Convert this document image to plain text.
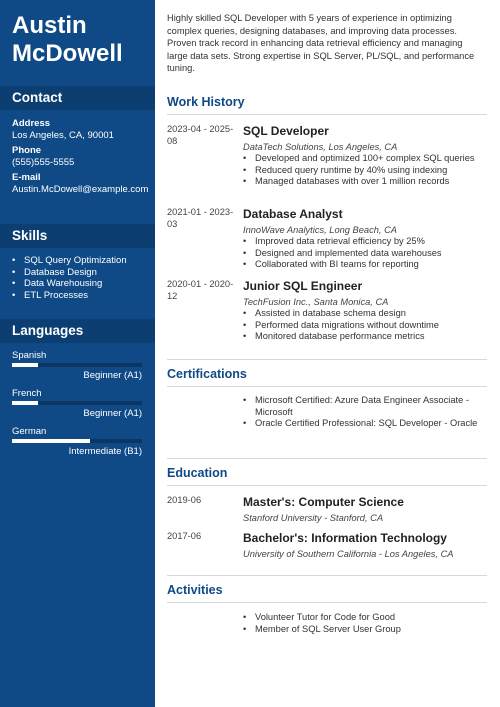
Austin McDowell
Contact
Address
Los Angeles, CA, 90001
Phone
(555)555-5555
E-mail
Austin.McDowell@example.com
Skills
• SQL Query Optimization
• Database Design
• Data Warehousing
• ETL Processes
Languages
Spanish
Beginner (A1)
French
Beginner (A1)
German
Intermediate (B1)
Highly skilled SQL Developer with 5 years of experience in optimizing complex queries, designing databases, and improving data processes. Proven track record in enhancing data retrieval efficiency and managing large data sets. Strong expertise in SQL Server, PL/SQL, and performance tuning.
Work History
2023-04 - 2025-08
SQL Developer
DataTech Solutions, Los Angeles, CA
• Developed and optimized 100+ complex SQL queries
• Reduced query runtime by 40% using indexing
• Managed databases with over 1 million records
2021-01 - 2023-03
Database Analyst
InnoWave Analytics, Long Beach, CA
• Improved data retrieval efficiency by 25%
• Designed and implemented data warehouses
• Collaborated with BI teams for reporting
2020-01 - 2020-12
Junior SQL Engineer
TechFusion Inc., Santa Monica, CA
• Assisted in database schema design
• Performed data migrations without downtime
• Monitored database performance metrics
Certifications
• Microsoft Certified: Azure Data Engineer Associate - Microsoft
• Oracle Certified Professional: SQL Developer - Oracle
Education
2019-06	Master's: Computer Science
Stanford University - Stanford, CA
2017-06	Bachelor's: Information Technology
University of Southern California - Los Angeles, CA
Activities
• Volunteer Tutor for Code for Good
• Member of SQL Server User Group
